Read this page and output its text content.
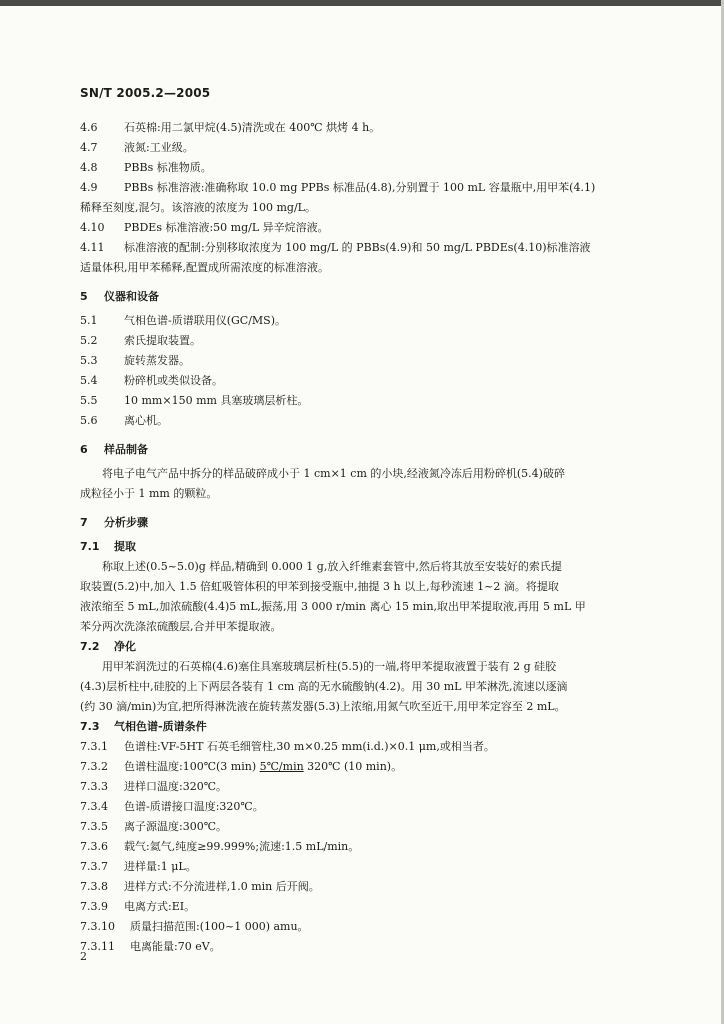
SN/T 2005.2—2005
4.6	石英棉:用二氯甲烷(4.5)清洗或在 400℃ 烘烤 4 h。
4.7	液氮:工业级。
4.8	PBBs 标准物质。
4.9	PBBs 标准溶液:准确称取 10.0 mg PPBs 标准品(4.8),分别置于 100 mL 容量瓶中,用甲苯(4.1)
稀释至刻度,混匀。该溶液的浓度为 100 mg/L。
4.10	PBDEs 标准溶液:50 mg/L 异辛烷溶液。
4.11	标准溶液的配制:分别移取浓度为 100 mg/L 的 PBBs(4.9)和 50 mg/L PBDEs(4.10)标准溶液
适量体积,用甲苯稀释,配置成所需浓度的标准溶液。
5	仪器和设备
5.1	气相色谱-质谱联用仪(GC/MS)。
5.2	索氏提取装置。
5.3	旋转蒸发器。
5.4	粉碎机或类似设备。
5.5	10 mm×150 mm 具塞玻璃层析柱。
5.6	离心机。
6	样品制备
将电子电气产品中拆分的样品破碎成小于 1 cm×1 cm 的小块,经液氮冷冻后用粉碎机(5.4)破碎
成粒径小于 1 mm 的颗粒。
7	分析步骤
7.1	提取
称取上述(0.5~5.0)g 样品,精确到 0.000 1 g,放入纤维素套管中,然后将其放至安装好的索氏提
取装置(5.2)中,加入 1.5 倍虹吸管体积的甲苯到接受瓶中,抽提 3 h 以上,每秒流速 1~2 滴。将提取
液浓缩至 5 mL,加浓硫酸(4.4)5 mL,振荡,用 3 000 r/min 离心 15 min,取出甲苯提取液,再用 5 mL 甲
苯分两次洗涤浓硫酸层,合并甲苯提取液。
7.2	净化
用甲苯润洗过的石英棉(4.6)塞住具塞玻璃层析柱(5.5)的一端,将甲苯提取液置于装有 2 g 硅胶
(4.3)层析柱中,硅胶的上下两层各装有 1 cm 高的无水硫酸钠(4.2)。用 30 mL 甲苯淋洗,流速以逐滴
(约 30 滴/min)为宜,把所得淋洗液在旋转蒸发器(5.3)上浓缩,用氮气吹至近干,用甲苯定容至 2 mL。
7.3	气相色谱-质谱条件
7.3.1	色谱柱:VF-5HT 石英毛细管柱,30 m×0.25 mm(i.d.)×0.1 μm,或相当者。
7.3.2	色谱柱温度:100℃(3 min) 5℃/min 320℃ (10 min)。
7.3.3	进样口温度:320℃。
7.3.4	色谱-质谱接口温度:320℃。
7.3.5	离子源温度:300℃。
7.3.6	载气:氦气,纯度≥99.999%;流速:1.5 mL/min。
7.3.7	进样量:1 μL。
7.3.8	进样方式:不分流进样,1.0 min 后开阀。
7.3.9	电离方式:EI。
7.3.10	质量扫描范围:(100~1 000) amu。
7.3.11	电离能量:70 eV。
2
